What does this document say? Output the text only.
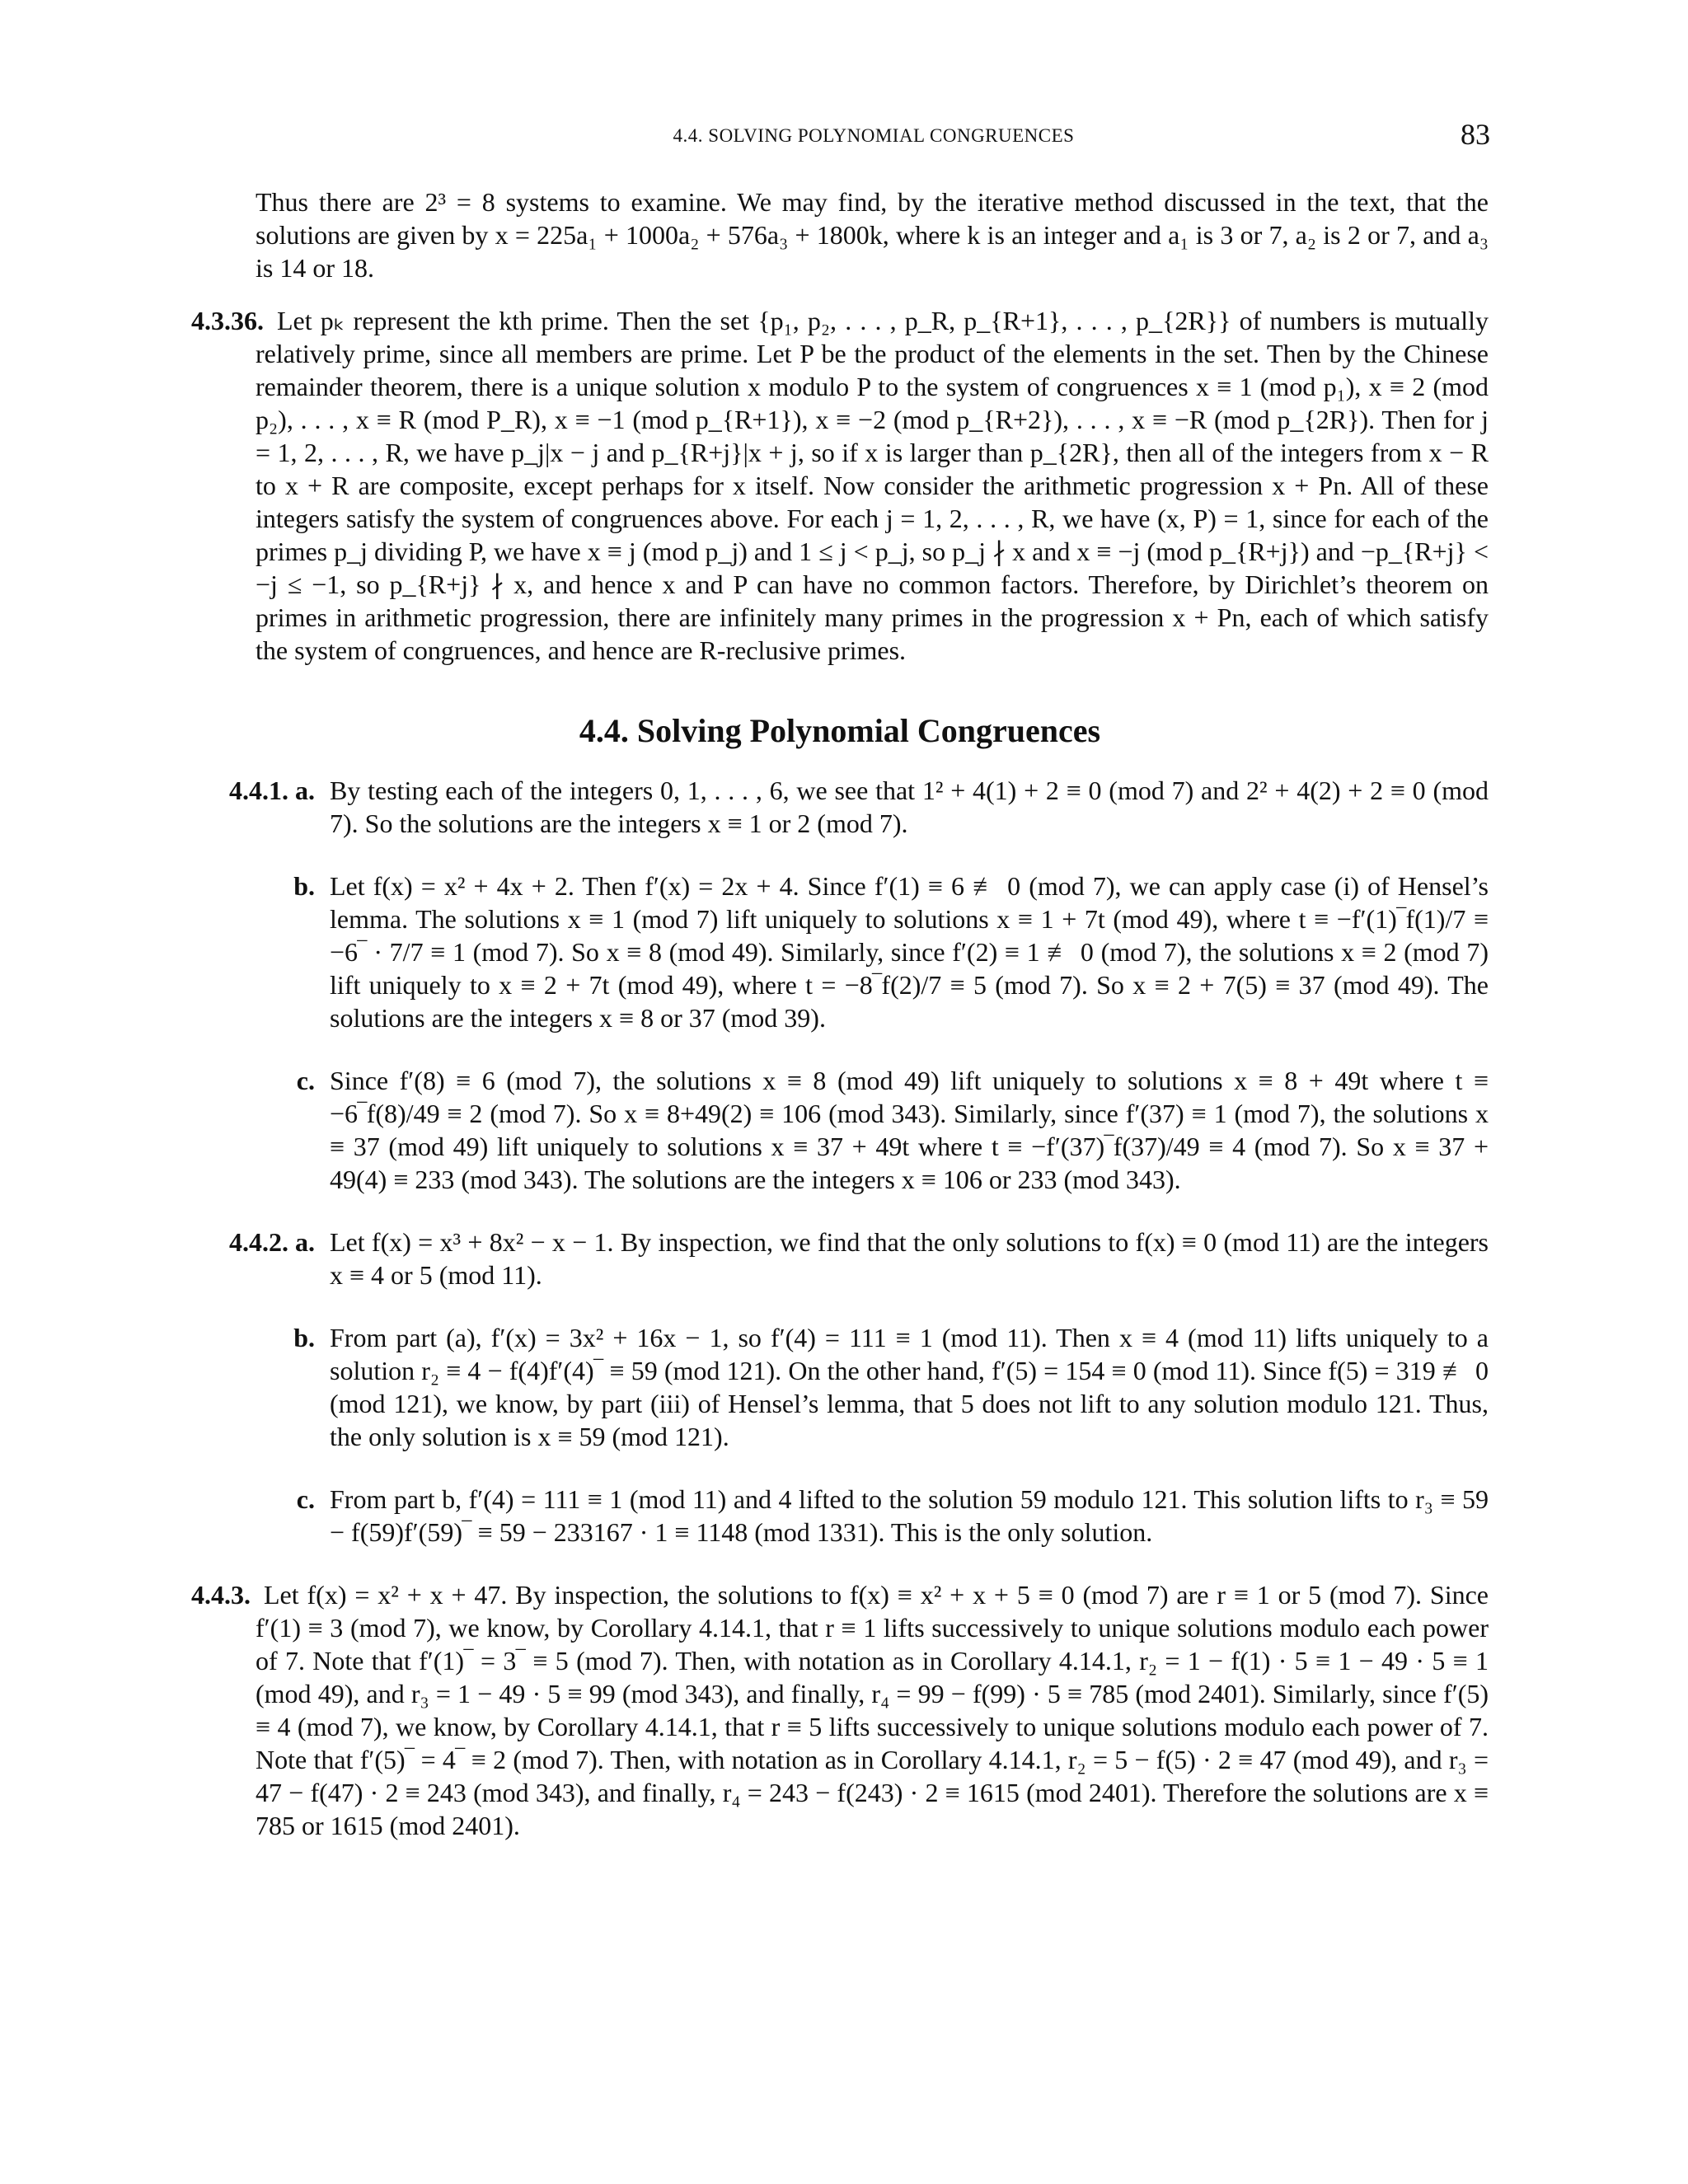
4.4. SOLVING POLYNOMIAL CONGRUENCES	83

Thus there are 2³ = 8 systems to examine. We may find, by the iterative method discussed in the text, that the solutions are given by x = 225a₁ + 1000a₂ + 576a₃ + 1800k, where k is an integer and a₁ is 3 or 7, a₂ is 2 or 7, and a₃ is 14 or 18.

4.3.36. Let pₖ represent the kth prime. Then the set {p₁, p₂, . . . , p_R, p_{R+1}, . . . , p_{2R}} of numbers is mutually relatively prime, since all members are prime. Let P be the product of the elements in the set. Then by the Chinese remainder theorem, there is a unique solution x modulo P to the system of congruences x ≡ 1 (mod p₁), x ≡ 2 (mod p₂), . . . , x ≡ R (mod P_R), x ≡ −1 (mod p_{R+1}), x ≡ −2 (mod p_{R+2}), . . . , x ≡ −R (mod p_{2R}). Then for j = 1, 2, . . . , R, we have p_j|x − j and p_{R+j}|x + j, so if x is larger than p_{2R}, then all of the integers from x − R to x + R are composite, except perhaps for x itself. Now consider the arithmetic progression x + Pn. All of these integers satisfy the system of congruences above. For each j = 1, 2, . . . , R, we have (x, P) = 1, since for each of the primes p_j dividing P, we have x ≡ j (mod p_j) and 1 ≤ j < p_j, so p_j ∤ x and x ≡ −j (mod p_{R+j}) and −p_{R+j} < −j ≤ −1, so p_{R+j} ∤ x, and hence x and P can have no common factors. Therefore, by Dirichlet’s theorem on primes in arithmetic progression, there are infinitely many primes in the progression x + Pn, each of which satisfy the system of congruences, and hence are R-reclusive primes.
4.4. Solving Polynomial Congruences
4.4.1. a. By testing each of the integers 0, 1, . . . , 6, we see that 1² + 4(1) + 2 ≡ 0 (mod 7) and 2² + 4(2) + 2 ≡ 0 (mod 7). So the solutions are the integers x ≡ 1 or 2 (mod 7).
b. Let f(x) = x² + 4x + 2. Then f′(x) = 2x + 4. Since f′(1) ≡ 6 ≢ 0 (mod 7), we can apply case (i) of Hensel’s lemma. The solutions x ≡ 1 (mod 7) lift uniquely to solutions x ≡ 1 + 7t (mod 49), where t ≡ −f′(1)‾f(1)/7 ≡ −6‾ · 7/7 ≡ 1 (mod 7). So x ≡ 8 (mod 49). Similarly, since f′(2) ≡ 1 ≢ 0 (mod 7), the solutions x ≡ 2 (mod 7) lift uniquely to x ≡ 2 + 7t (mod 49), where t = −8‾f(2)/7 ≡ 5 (mod 7). So x ≡ 2 + 7(5) ≡ 37 (mod 49). The solutions are the integers x ≡ 8 or 37 (mod 39).
c. Since f′(8) ≡ 6 (mod 7), the solutions x ≡ 8 (mod 49) lift uniquely to solutions x ≡ 8 + 49t where t ≡ −6‾f(8)/49 ≡ 2 (mod 7). So x ≡ 8+49(2) ≡ 106 (mod 343). Similarly, since f′(37) ≡ 1 (mod 7), the solutions x ≡ 37 (mod 49) lift uniquely to solutions x ≡ 37 + 49t where t ≡ −f′(37)‾f(37)/49 ≡ 4 (mod 7). So x ≡ 37 + 49(4) ≡ 233 (mod 343). The solutions are the integers x ≡ 106 or 233 (mod 343).
4.4.2. a. Let f(x) = x³ + 8x² − x − 1. By inspection, we find that the only solutions to f(x) ≡ 0 (mod 11) are the integers x ≡ 4 or 5 (mod 11).
b. From part (a), f′(x) = 3x² + 16x − 1, so f′(4) = 111 ≡ 1 (mod 11). Then x ≡ 4 (mod 11) lifts uniquely to a solution r₂ ≡ 4 − f(4)f′(4)‾ ≡ 59 (mod 121). On the other hand, f′(5) = 154 ≡ 0 (mod 11). Since f(5) = 319 ≢ 0 (mod 121), we know, by part (iii) of Hensel’s lemma, that 5 does not lift to any solution modulo 121. Thus, the only solution is x ≡ 59 (mod 121).
c. From part b, f′(4) = 111 ≡ 1 (mod 11) and 4 lifted to the solution 59 modulo 121. This solution lifts to r₃ ≡ 59 − f(59)f′(59)‾ ≡ 59 − 233167 · 1 ≡ 1148 (mod 1331). This is the only solution.
4.4.3. Let f(x) = x² + x + 47. By inspection, the solutions to f(x) ≡ x² + x + 5 ≡ 0 (mod 7) are r ≡ 1 or 5 (mod 7). Since f′(1) ≡ 3 (mod 7), we know, by Corollary 4.14.1, that r ≡ 1 lifts successively to unique solutions modulo each power of 7. Note that f′(1)‾ = 3‾ ≡ 5 (mod 7). Then, with notation as in Corollary 4.14.1, r₂ = 1 − f(1) · 5 ≡ 1 − 49 · 5 ≡ 1 (mod 49), and r₃ = 1 − 49 · 5 ≡ 99 (mod 343), and finally, r₄ = 99 − f(99) · 5 ≡ 785 (mod 2401). Similarly, since f′(5) ≡ 4 (mod 7), we know, by Corollary 4.14.1, that r ≡ 5 lifts successively to unique solutions modulo each power of 7. Note that f′(5)‾ = 4‾ ≡ 2 (mod 7). Then, with notation as in Corollary 4.14.1, r₂ = 5 − f(5) · 2 ≡ 47 (mod 49), and r₃ = 47 − f(47) · 2 ≡ 243 (mod 343), and finally, r₄ = 243 − f(243) · 2 ≡ 1615 (mod 2401). Therefore the solutions are x ≡ 785 or 1615 (mod 2401).
